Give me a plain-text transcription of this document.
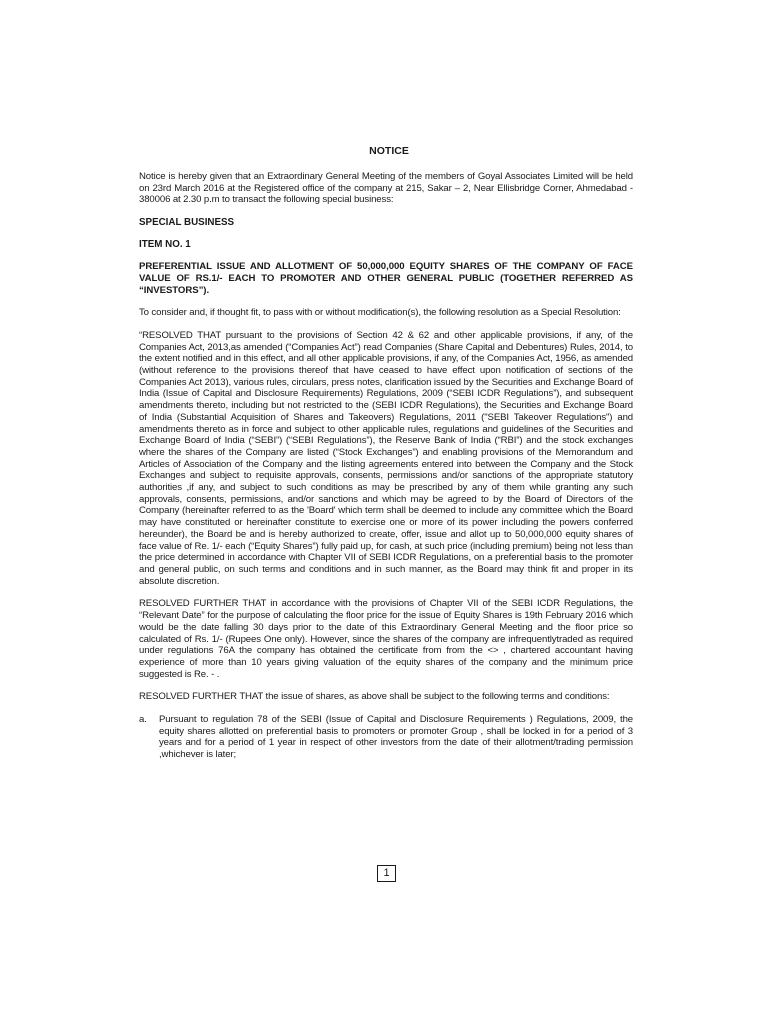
NOTICE

Notice is hereby given that an Extraordinary General Meeting of the members of Goyal Associates Limited will be held on 23rd March 2016 at the Registered office of the company at 215, Sakar – 2, Near Ellisbridge Corner, Ahmedabad - 380006 at 2.30 p.m to transact the following special business:

SPECIAL BUSINESS
ITEM NO. 1
PREFERENTIAL ISSUE AND ALLOTMENT OF 50,000,000 EQUITY SHARES OF THE COMPANY OF FACE VALUE OF RS.1/- EACH TO PROMOTER AND OTHER GENERAL PUBLIC (TOGETHER REFERRED AS “INVESTORS”).

To consider and, if thought fit, to pass with or without modification(s), the following resolution as a Special Resolution:

“RESOLVED THAT pursuant to the provisions of Section 42 & 62 and other applicable provisions, if any, of the Companies Act, 2013,as amended (“Companies Act”) read Companies (Share Capital and Debentures) Rules, 2014, to the extent notified and in this effect, and all other applicable provisions, if any, of the Companies Act, 1956, as amended (without reference to the provisions thereof that have ceased to have effect upon notification of sections of the Companies Act 2013), various rules, circulars, press notes, clarification issued by the Securities and Exchange Board of India (Issue of Capital and Disclosure Requirements) Regulations, 2009 (“SEBI ICDR Regulations”), and subsequent amendments thereto, including but not restricted to the (SEBI ICDR Regulations), the Securities and Exchange Board of India (Substantial Acquisition of Shares and Takeovers) Regulations, 2011 ("SEBI Takeover Regulations") and amendments thereto as in force and subject to other applicable rules, regulations and guidelines of the Securities and Exchange Board of India (“SEBI”) (“SEBI Regulations”), the Reserve Bank of India (“RBI”) and the stock exchanges where the shares of the Company are listed (“Stock Exchanges”) and enabling provisions of the Memorandum and Articles of Association of the Company and the listing agreements entered into between the Company and the Stock Exchanges and subject to requisite approvals, consents, permissions and/or sanctions of the appropriate statutory authorities ,if any, and subject to such conditions as may be prescribed by any of them while granting any such approvals, consents, permissions, and/or sanctions and which may be agreed to by the Board of Directors of the Company (hereinafter referred to as the 'Board' which term shall be deemed to include any committee which the Board may have constituted or hereinafter constitute to exercise one or more of its power including the powers conferred hereunder), the Board be and is hereby authorized to create, offer, issue and allot up to 50,000,000 equity shares of face value of Re. 1/- each (“Equity Shares”) fully paid up, for cash, at such price (including premium) being not less than the price determined in accordance with Chapter VII of SEBI ICDR Regulations, on a preferential basis to the promoter and general public, on such terms and conditions and in such manner, as the Board may think fit and proper in its absolute discretion.

RESOLVED FURTHER THAT in accordance with the provisions of Chapter VII of the SEBI ICDR Regulations, the “Relevant Date” for the purpose of calculating the floor price for the issue of Equity Shares is 19th February 2016 which would be the date falling 30 days prior to the date of this Extraordinary General Meeting and the floor price so calculated of Rs. 1/- (Rupees One only). However, since the shares of the company are infrequentlytraded as required under regulations 76A the company has obtained the certificate from from the <> , chartered accountant having experience of more than 10 years giving valuation of the equity shares of the company and the minimum price suggested is Re. - .

RESOLVED FURTHER THAT the issue of shares, as above shall be subject to the following terms and conditions:

a.	Pursuant to regulation 78 of the SEBI (Issue of Capital and Disclosure Requirements ) Regulations, 2009, the equity shares allotted on preferential basis to promoters or promoter Group , shall be locked in for a period of 3 years and for a period of 1 year in respect of other investors from the date of their allotment/trading permission ,whichever is later;
1
